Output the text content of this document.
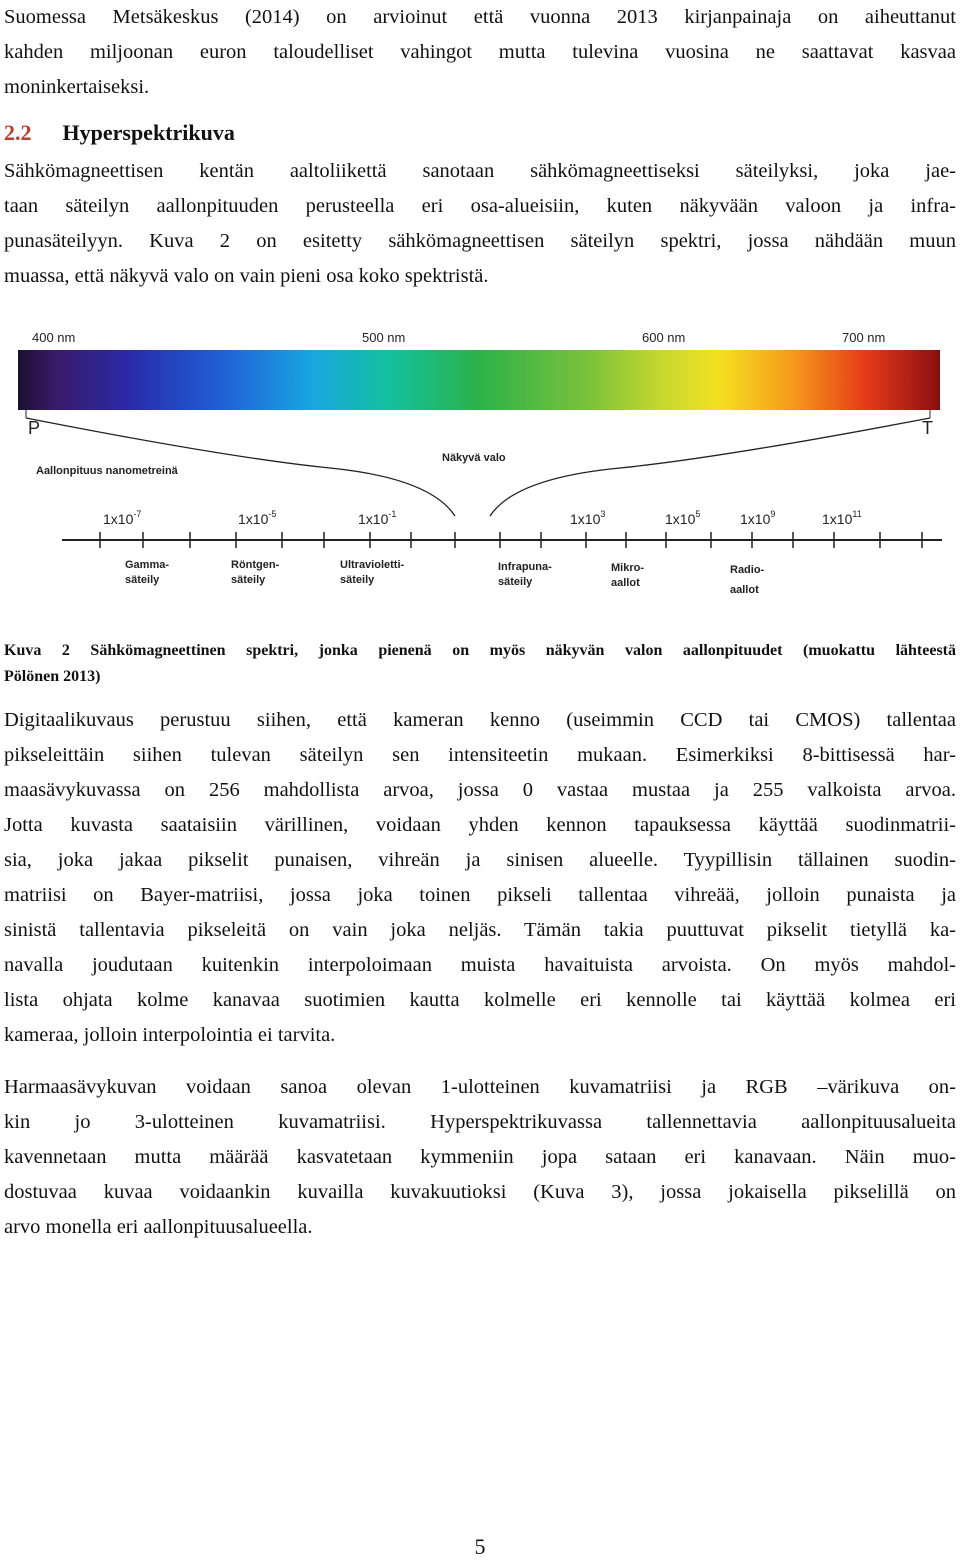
Suomessa Metsäkeskus (2014) on arvioinut että vuonna 2013 kirjanpainaja on aiheuttanut
kahden miljoonan euron taloudelliset vahingot mutta tulevina vuosina ne saattavat kasvaa
moninkertaiseksi.
2.2 Hyperspektrikuva
Sähkömagneettisen kentän aaltoliikettä sanotaan sähkömagneettiseksi säteilyksi, joka jae-
taan säteilyn aallonpituuden perusteella eri osa-alueisiin, kuten näkyvään valoon ja infra-
punasäteilyyn. Kuva 2 on esitetty sähkömagneettisen säteilyn spektri, jossa nähdään muun
muassa, että näkyvä valo on vain pieni osa koko spektristä.
400 nm	500 nm	600 nm	700 nm
P	T
Aallonpituus nanometreinä
Näkyvä valo
$1x10^{-7}$	$1x10^{-5}$	$1x10^{-1}$	$1x10^3$	$1x10^5$	$1x10^9$	$1x10^{11}$
Gamma-säteily
Röntgen-säteily
Ultravioletti-säteily
Infrapuna-säteily
Mikro-aallot
Radio-aallot
Kuva 2 Sähkömagneettinen spektri, jonka pienenä on myös näkyvän valon aallonpituudet (muokattu lähteestä
Pölönen 2013)
Digitaalikuvaus perustuu siihen, että kameran kenno (useimmin CCD tai CMOS) tallentaa
pikseleittäin siihen tulevan säteilyn sen intensiteetin mukaan. Esimerkiksi 8-bittisessä har-
maasävykuvassa on 256 mahdollista arvoa, jossa 0 vastaa mustaa ja 255 valkoista arvoa.
Jotta kuvasta saataisiin värillinen, voidaan yhden kennon tapauksessa käyttää suodinmatrii-
sia, joka jakaa pikselit punaisen, vihreän ja sinisen alueelle. Tyypillisin tällainen suodin-
matriisi on Bayer-matriisi, jossa joka toinen pikseli tallentaa vihreää, jolloin punaista ja
sinistä tallentavia pikseleitä on vain joka neljäs. Tämän takia puuttuvat pikselit tietyllä ka-
navalla joudutaan kuitenkin interpoloimaan muista havaituista arvoista. On myös mahdol-
lista ohjata kolme kanavaa suotimien kautta kolmelle eri kennolle tai käyttää kolmea eri
kameraa, jolloin interpolointia ei tarvita.
Harmaasävykuvan voidaan sanoa olevan 1-ulotteinen kuvamatriisi ja RGB –värikuva on-
kin jo 3-ulotteinen kuvamatriisi. Hyperspektrikuvassa tallennettavia aallonpituusalueita
kavennetaan mutta määrää kasvatetaan kymmeniin jopa sataan eri kanavaan. Näin muo-
dostuvaa kuvaa voidaankin kuvailla kuvakuutioksi (Kuva 3), jossa jokaisella pikselillä on
arvo monella eri aallonpituusalueella.
5
